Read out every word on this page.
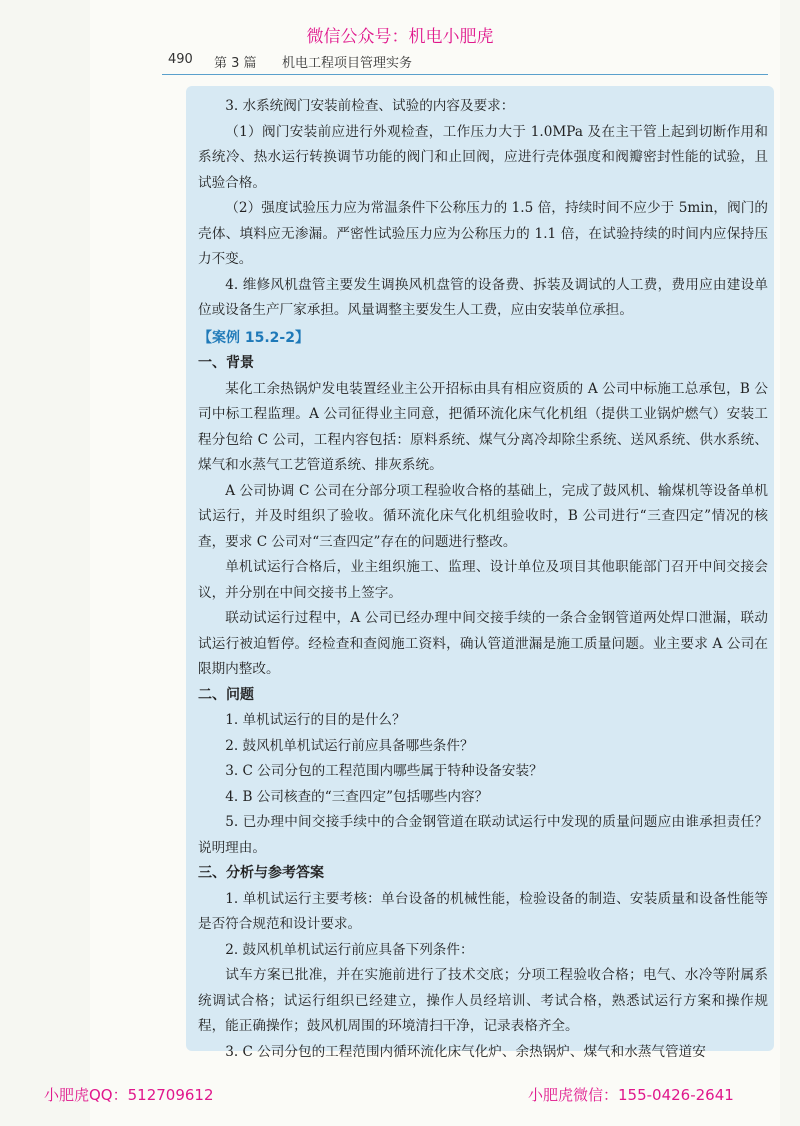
微信公众号：机电小肥虎
490 第 3 篇 机电工程项目管理实务

3. 水系统阀门安装前检查、试验的内容及要求：

（1）阀门安装前应进行外观检查，工作压力大于 1.0MPa 及在主干管上起到切断作用和系统冷、热水运行转换调节功能的阀门和止回阀，应进行壳体强度和阀瓣密封性能的试验，且试验合格。

（2）强度试验压力应为常温条件下公称压力的 1.5 倍，持续时间不应少于 5min，阀门的壳体、填料应无渗漏。严密性试验压力应为公称压力的 1.1 倍，在试验持续的时间内应保持压力不变。

4. 维修风机盘管主要发生调换风机盘管的设备费、拆装及调试的人工费，费用应由建设单位或设备生产厂家承担。风量调整主要发生人工费，应由安装单位承担。

【案例 15.2-2】

一、背景

某化工余热锅炉发电装置经业主公开招标由具有相应资质的 A 公司中标施工总承包，B 公司中标工程监理。A 公司征得业主同意，把循环流化床气化机组（提供工业锅炉燃气）安装工程分包给 C 公司，工程内容包括：原料系统、煤气分离冷却除尘系统、送风系统、供水系统、煤气和水蒸气工艺管道系统、排灰系统。

A 公司协调 C 公司在分部分项工程验收合格的基础上，完成了鼓风机、输煤机等设备单机试运行，并及时组织了验收。循环流化床气化机组验收时，B 公司进行“三查四定”情况的核查，要求 C 公司对“三查四定”存在的问题进行整改。

单机试运行合格后，业主组织施工、监理、设计单位及项目其他职能部门召开中间交接会议，并分别在中间交接书上签字。

联动试运行过程中，A 公司已经办理中间交接手续的一条合金钢管道两处焊口泄漏，联动试运行被迫暂停。经检查和查阅施工资料，确认管道泄漏是施工质量问题。业主要求 A 公司在限期内整改。

二、问题

1. 单机试运行的目的是什么？

2. 鼓风机单机试运行前应具备哪些条件？

3. C 公司分包的工程范围内哪些属于特种设备安装？

4. B 公司核查的“三查四定”包括哪些内容？

5. 已办理中间交接手续中的合金钢管道在联动试运行中发现的质量问题应由谁承担责任？说明理由。

三、分析与参考答案

1. 单机试运行主要考核：单台设备的机械性能，检验设备的制造、安装质量和设备性能等是否符合规范和设计要求。

2. 鼓风机单机试运行前应具备下列条件：

试车方案已批准，并在实施前进行了技术交底；分项工程验收合格；电气、水冷等附属系统调试合格；试运行组织已经建立，操作人员经培训、考试合格，熟悉试运行方案和操作规程，能正确操作；鼓风机周围的环境清扫干净，记录表格齐全。

3. C 公司分包的工程范围内循环流化床气化炉、余热锅炉、煤气和水蒸气管道安

小肥虎QQ：512709612	小肥虎微信：155-0426-2641
